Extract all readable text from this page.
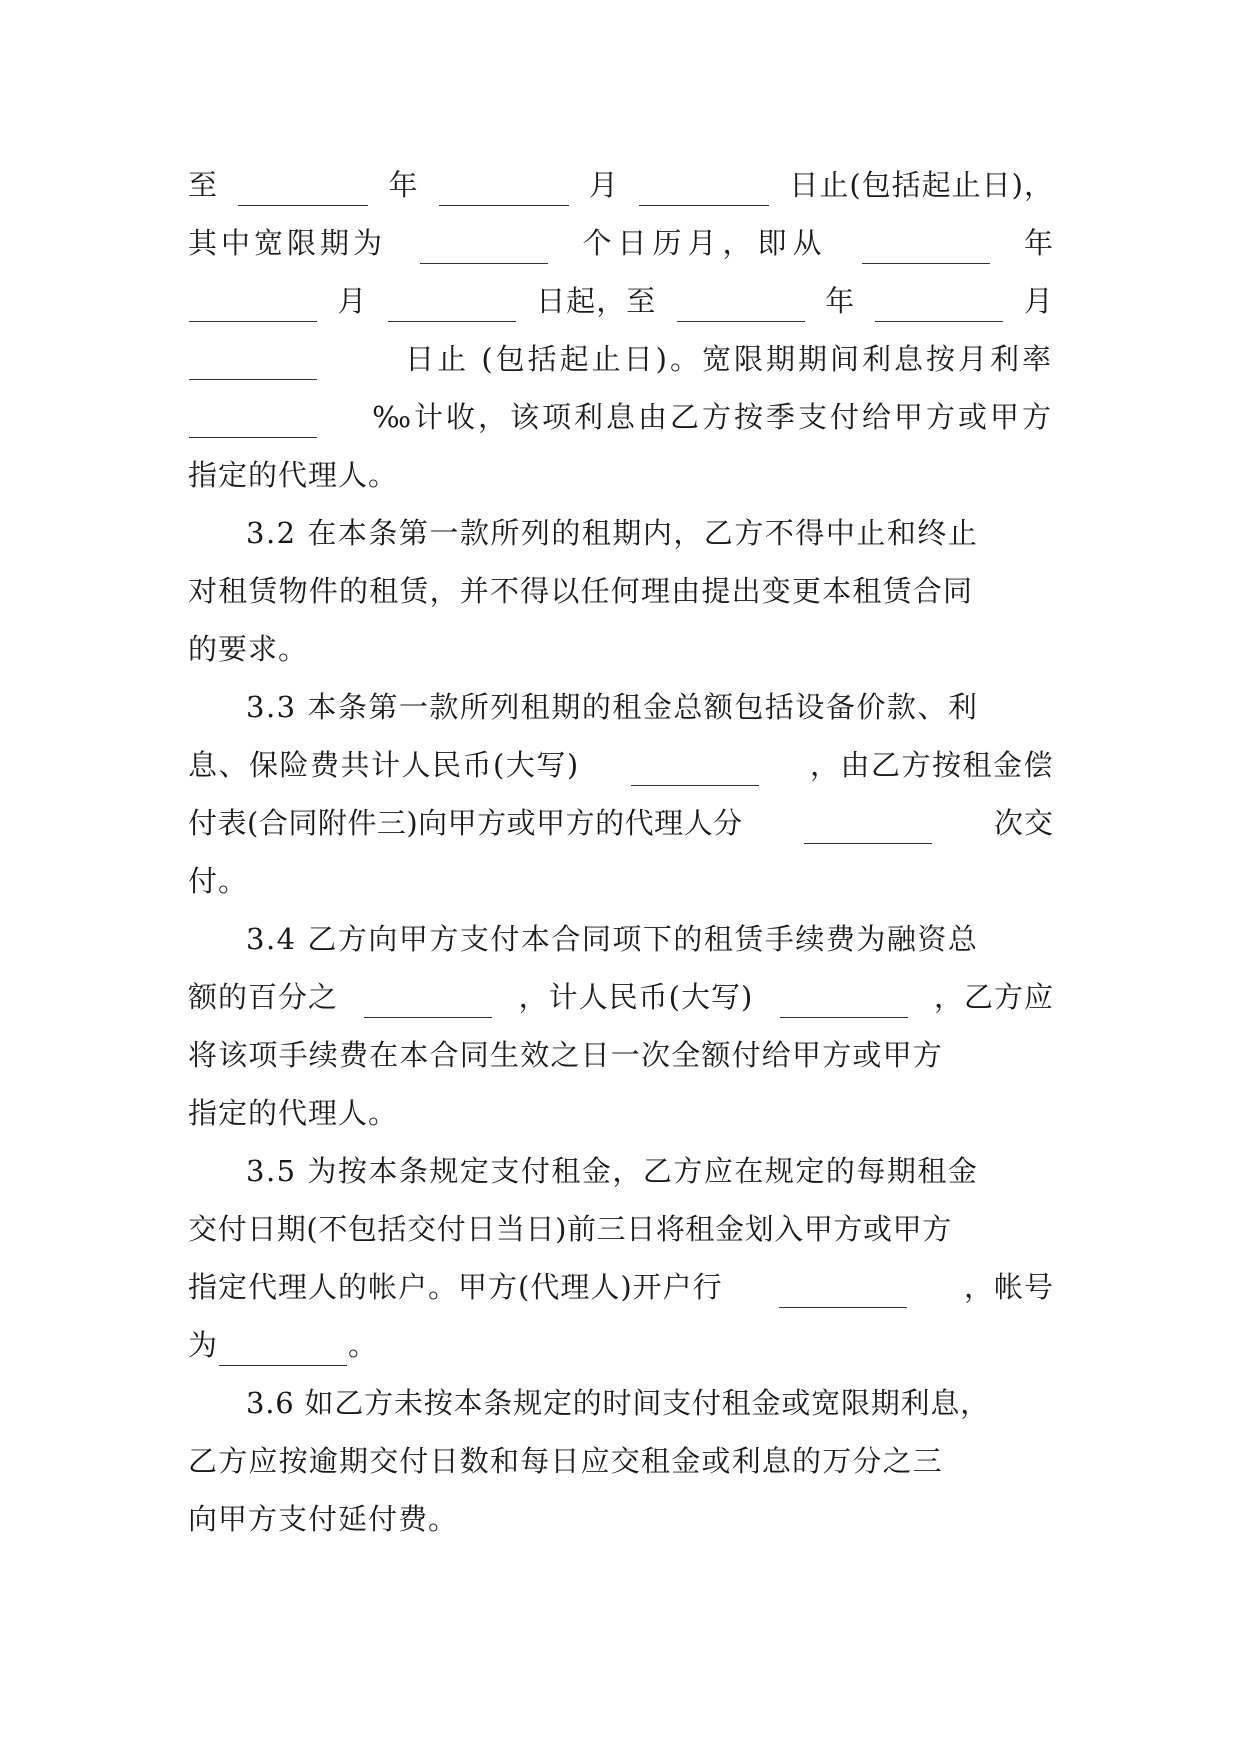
至	年	月	日止(包括起止日)，
其中宽限期为	个日历月，即从	年
月	日起，至	年	月
日止 (包括起止日)。宽限期期间利息按月利率
‰计收，该项利息由乙方按季支付给甲方或甲方
指定的代理人。
3.2 在本条第一款所列的租期内，乙方不得中止和终止
对租赁物件的租赁，并不得以任何理由提出变更本租赁合同
的要求。
3.3 本条第一款所列租期的租金总额包括设备价款、利
息、保险费共计人民币(大写)	，由乙方按租金偿
付表(合同附件三)向甲方或甲方的代理人分	次交
付。
3.4 乙方向甲方支付本合同项下的租赁手续费为融资总
额的百分之	，计人民币(大写)	，乙方应
将该项手续费在本合同生效之日一次全额付给甲方或甲方
指定的代理人。
3.5 为按本条规定支付租金，乙方应在规定的每期租金
交付日期(不包括交付日当日)前三日将租金划入甲方或甲方
指定代理人的帐户。甲方(代理人)开户行	，帐号
为	。
3.6 如乙方未按本条规定的时间支付租金或宽限期利息，
乙方应按逾期交付日数和每日应交租金或利息的万分之三
向甲方支付延付费。
